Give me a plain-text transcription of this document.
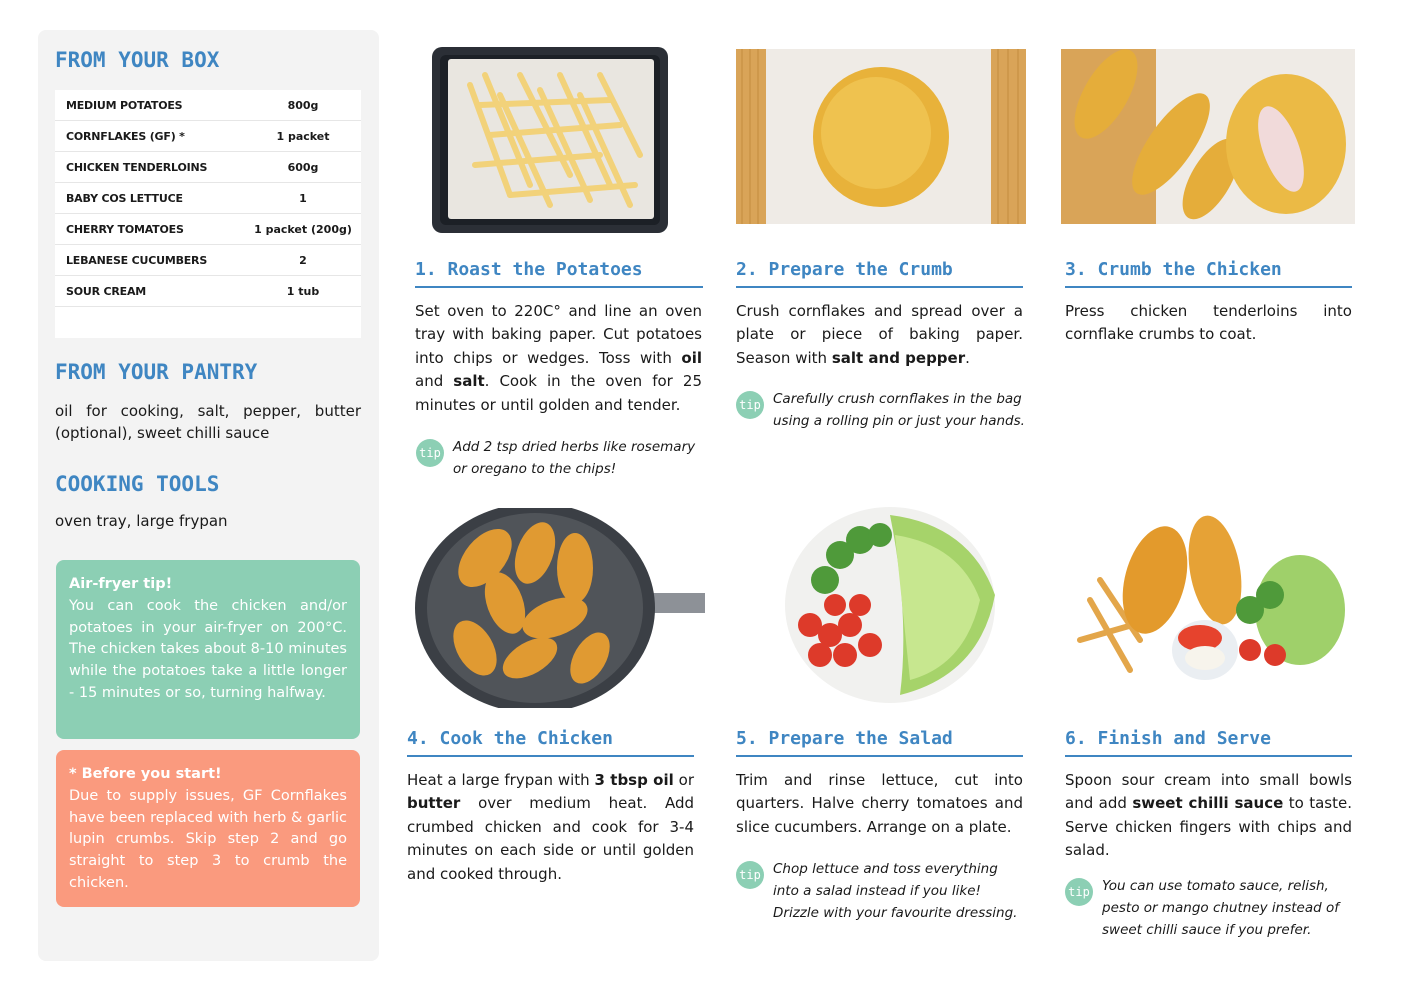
FROM YOUR BOX
MEDIUM POTATOES	800g
CORNFLAKES (GF) *	1 packet
CHICKEN TENDERLOINS	600g
BABY COS LETTUCE	1
CHERRY TOMATOES	1 packet (200g)
LEBANESE CUCUMBERS	2
SOUR CREAM	1 tub
FROM YOUR PANTRY
oil for cooking, salt, pepper, butter (optional), sweet chilli sauce
COOKING TOOLS
oven tray, large frypan
Air-fryer tip!
You can cook the chicken and/or potatoes in your air-fryer on 200°C. The chicken takes about 8-10 minutes while the potatoes take a little longer - 15 minutes or so, turning halfway.
* Before you start!
Due to supply issues, GF Cornflakes have been replaced with herb & garlic lupin crumbs. Skip step 2 and go straight to step 3 to crumb the chicken.
1. Roast the Potatoes
Set oven to 220C° and line an oven tray with baking paper. Cut potatoes into chips or wedges. Toss with oil and salt. Cook in the oven for 25 minutes or until golden and tender.
tip Add 2 tsp dried herbs like rosemary or oregano to the chips!
2. Prepare the Crumb
Crush cornflakes and spread over a plate or piece of baking paper. Season with salt and pepper.
tip Carefully crush cornflakes in the bag using a rolling pin or just your hands.
3. Crumb the Chicken
Press chicken tenderloins into cornflake crumbs to coat.
4. Cook the Chicken
Heat a large frypan with 3 tbsp oil or butter over medium heat. Add crumbed chicken and cook for 3-4 minutes on each side or until golden and cooked through.
5. Prepare the Salad
Trim and rinse lettuce, cut into quarters. Halve cherry tomatoes and slice cucumbers. Arrange on a plate.
tip Chop lettuce and toss everything into a salad instead if you like! Drizzle with your favourite dressing.
6. Finish and Serve
Spoon sour cream into small bowls and add sweet chilli sauce to taste. Serve chicken fingers with chips and salad.
tip You can use tomato sauce, relish, pesto or mango chutney instead of sweet chilli sauce if you prefer.
